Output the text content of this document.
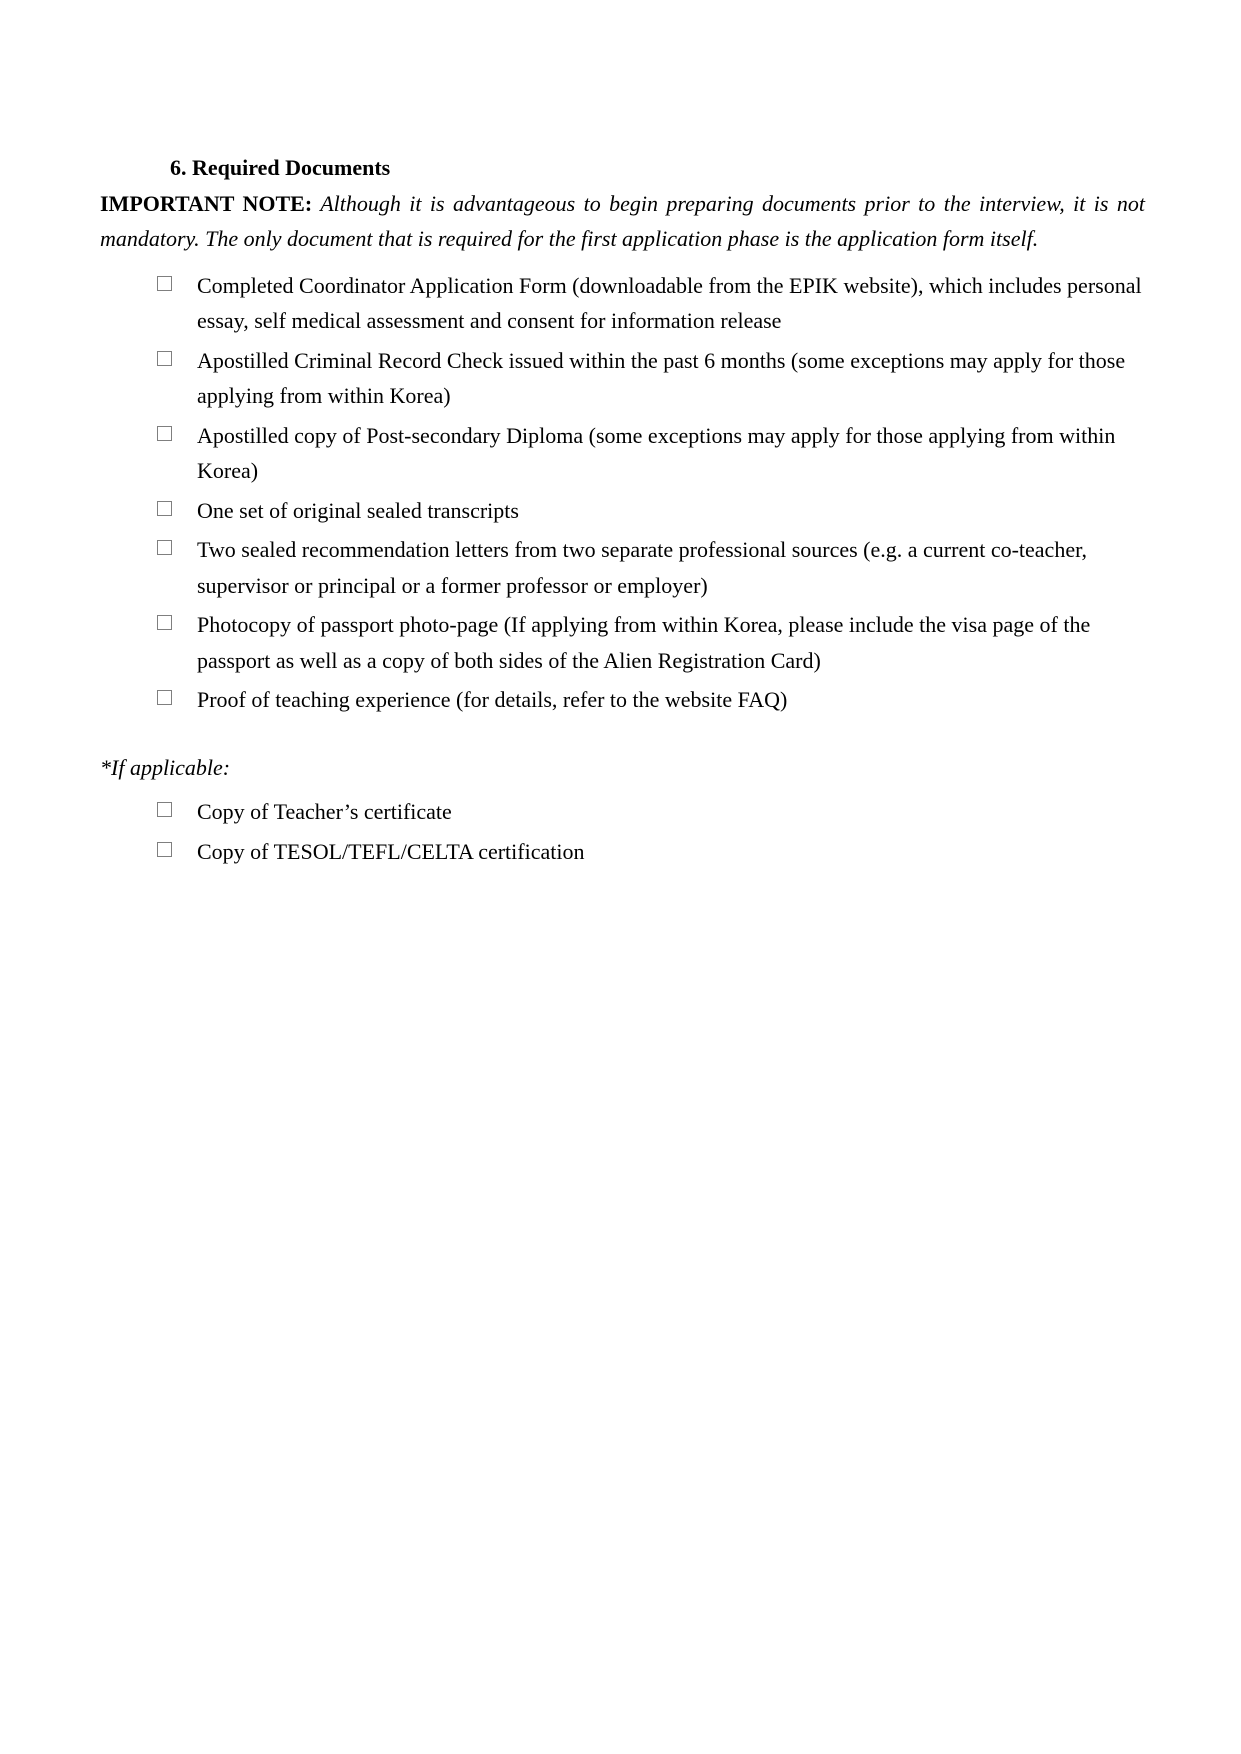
6. Required Documents

IMPORTANT NOTE: Although it is advantageous to begin preparing documents prior to the interview, it is not mandatory. The only document that is required for the first application phase is the application form itself.

Completed Coordinator Application Form (downloadable from the EPIK website), which includes personal essay, self medical assessment and consent for information release
Apostilled Criminal Record Check issued within the past 6 months (some exceptions may apply for those applying from within Korea)
Apostilled copy of Post-secondary Diploma (some exceptions may apply for those applying from within Korea)
One set of original sealed transcripts
Two sealed recommendation letters from two separate professional sources (e.g. a current co-teacher, supervisor or principal or a former professor or employer)
Photocopy of passport photo-page (If applying from within Korea, please include the visa page of the passport as well as a copy of both sides of the Alien Registration Card)
Proof of teaching experience (for details, refer to the website FAQ)
*If applicable:
Copy of Teacher’s certificate
Copy of TESOL/TEFL/CELTA certification
